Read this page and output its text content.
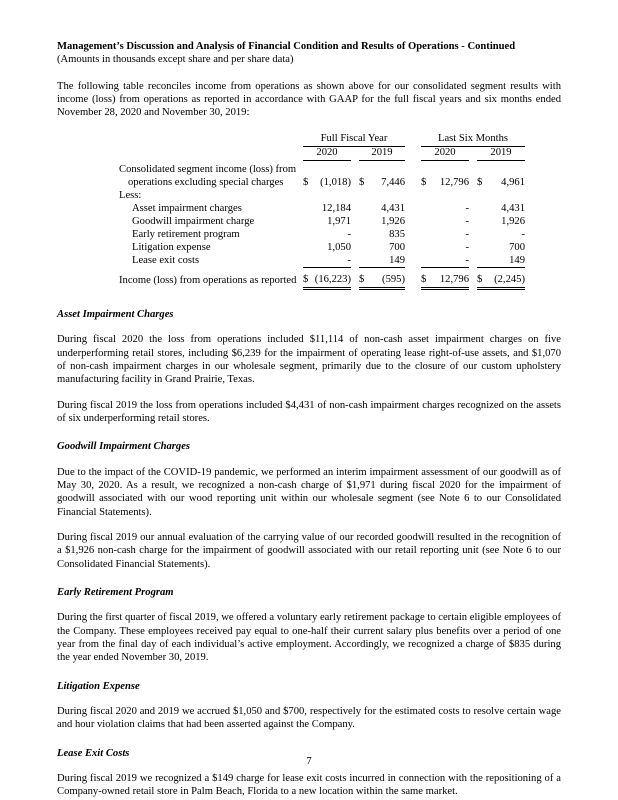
Management’s Discussion and Analysis of Financial Condition and Results of Operations - Continued
(Amounts in thousands except share and per share data)

The following table reconciles income from operations as shown above for our consolidated segment results with income (loss) from operations as reported in accordance with GAAP for the full fiscal years and six months ended November 28, 2020 and November 30, 2019:

	Full Fiscal Year				Last Six Months		
	2020		2019		2020		2019
Consolidated segment income (loss) from operations excluding special charges	$ (1,018)		$ 7,446		$ 12,796		$ 4,961

Less:							
Asset impairment charges	12,184		4,431		-		4,431

Goodwill impairment charge	1,971		1,926		-		1,926

Early retirement program	-		835		-		-

Litigation expense	1,050		700		-		700

Lease exit costs	-		149		-		149

Income (loss) from operations as reported	$ (16,223)		$ (595)		$ 12,796		$ (2,245)
Asset Impairment Charges

During fiscal 2020 the loss from operations included $11,114 of non-cash asset impairment charges on five underperforming retail stores, including $6,239 for the impairment of operating lease right-of-use assets, and $1,070 of non-cash impairment charges in our wholesale segment, primarily due to the closure of our custom upholstery manufacturing facility in Grand Prairie, Texas.

During fiscal 2019 the loss from operations included $4,431 of non-cash impairment charges recognized on the assets of six underperforming retail stores.

Goodwill Impairment Charges

Due to the impact of the COVID-19 pandemic, we performed an interim impairment assessment of our goodwill as of May 30, 2020. As a result, we recognized a non-cash charge of $1,971 during fiscal 2020 for the impairment of goodwill associated with our wood reporting unit within our wholesale segment (see Note 6 to our Consolidated Financial Statements).

During fiscal 2019 our annual evaluation of the carrying value of our recorded goodwill resulted in the recognition of a $1,926 non-cash charge for the impairment of goodwill associated with our retail reporting unit (see Note 6 to our Consolidated Financial Statements).

Early Retirement Program

During the first quarter of fiscal 2019, we offered a voluntary early retirement package to certain eligible employees of the Company. These employees received pay equal to one-half their current salary plus benefits over a period of one year from the final day of each individual’s active employment. Accordingly, we recognized a charge of $835 during the year ended November 30, 2019.

Litigation Expense

During fiscal 2020 and 2019 we accrued $1,050 and $700, respectively for the estimated costs to resolve certain wage and hour violation claims that had been asserted against the Company.

Lease Exit Costs

During fiscal 2019 we recognized a $149 charge for lease exit costs incurred in connection with the repositioning of a Company-owned retail store in Palm Beach, Florida to a new location within the same market.

7
